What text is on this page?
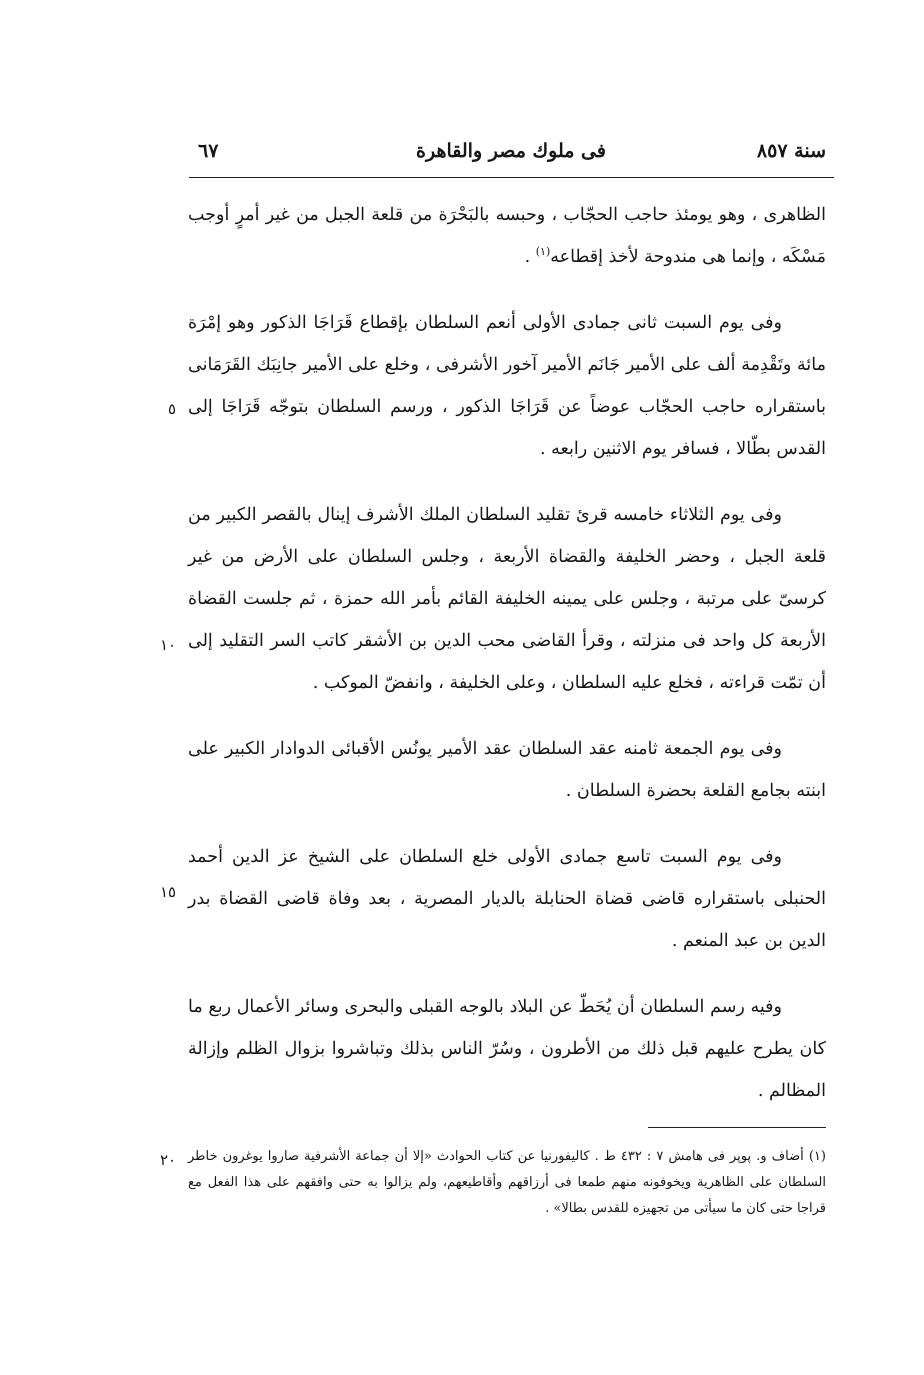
سنة ٨٥٧
فى ملوك مصر والقاهرة
٦٧

الظاهرى ، وهو يومئذ حاجب الحجّاب ، وحبسه بالبَحْرَة من قلعة الجبل من غير أمرٍ أوجب مَسْكَه ، وإنما هى مندوحة لأخذ إقطاعه$^{(١)}$ .

وفى يوم السبت ثانى جمادى الأولى أنعم السلطان بإقطاع قَرَاجَا الذكور وهو إمْرَة مائة وتَقْدِمة ألف على الأمير جَانَم الأمير آخور الأشرفى ، وخلع على الأمير جانِبَك القَرَمَانى باستقراره حاجب الحجّاب عوضاً عن قَرَاجَا الذكور ، ورسم السلطان بتوجّه قَرَاجَا إلى القدس بطّالا ، فسافر يوم الاثنين رابعه .

وفى يوم الثلاثاء خامسه قرئ تقليد السلطان الملك الأشرف إينال بالقصر الكبير من قلعة الجبل ، وحضر الخليفة والقضاة الأربعة ، وجلس السلطان على الأرض من غير كرسىّ على مرتبة ، وجلس على يمينه الخليفة القائم بأمر الله حمزة ، ثم جلست القضاة الأربعة كل واحد فى منزلته ، وقرأ القاضى محب الدين بن الأشقر كاتب السر التقليد إلى أن تمّت قراءته ، فخلع عليه السلطان ، وعلى الخليفة ، وانفضّ الموكب .

وفى يوم الجمعة ثامنه عقد السلطان عقد الأمير يونُس الأقبائى الدوادار الكبير على ابنته بجامع القلعة بحضرة السلطان .

وفى يوم السبت تاسع جمادى الأولى خلع السلطان على الشيخ عز الدين أحمد الحنبلى باستقراره قاضى قضاة الحنابلة بالديار المصرية ، بعد وفاة قاضى القضاة بدر الدين بن عبد المنعم .

وفيه رسم السلطان أن يُحَطّ عن البلاد بالوجه القبلى والبحرى وسائر الأعمال ربع ما كان يطرح عليهم قبل ذلك من الأطرون ، وسُرّ الناس بذلك وتباشروا بزوال الظلم وإزالة المظالم .

٥
١٠
١٥
٢٠ (١) أضاف و. پوپر فى هامش ٧ : ٤٣٢ ط . كاليفورنيا عن كتاب الحوادث «إلا أن جماعة الأشرفية صاروا يوغرون خاطر السلطان على الظاهرية ويخوفونه منهم طمعا فى أرزاقهم وأقاطيعهم، ولم يزالوا به حتى وافقهم على هذا الفعل مع قراجا حتى كان ما سيأتى من تجهيزه للقدس بطالا» .
